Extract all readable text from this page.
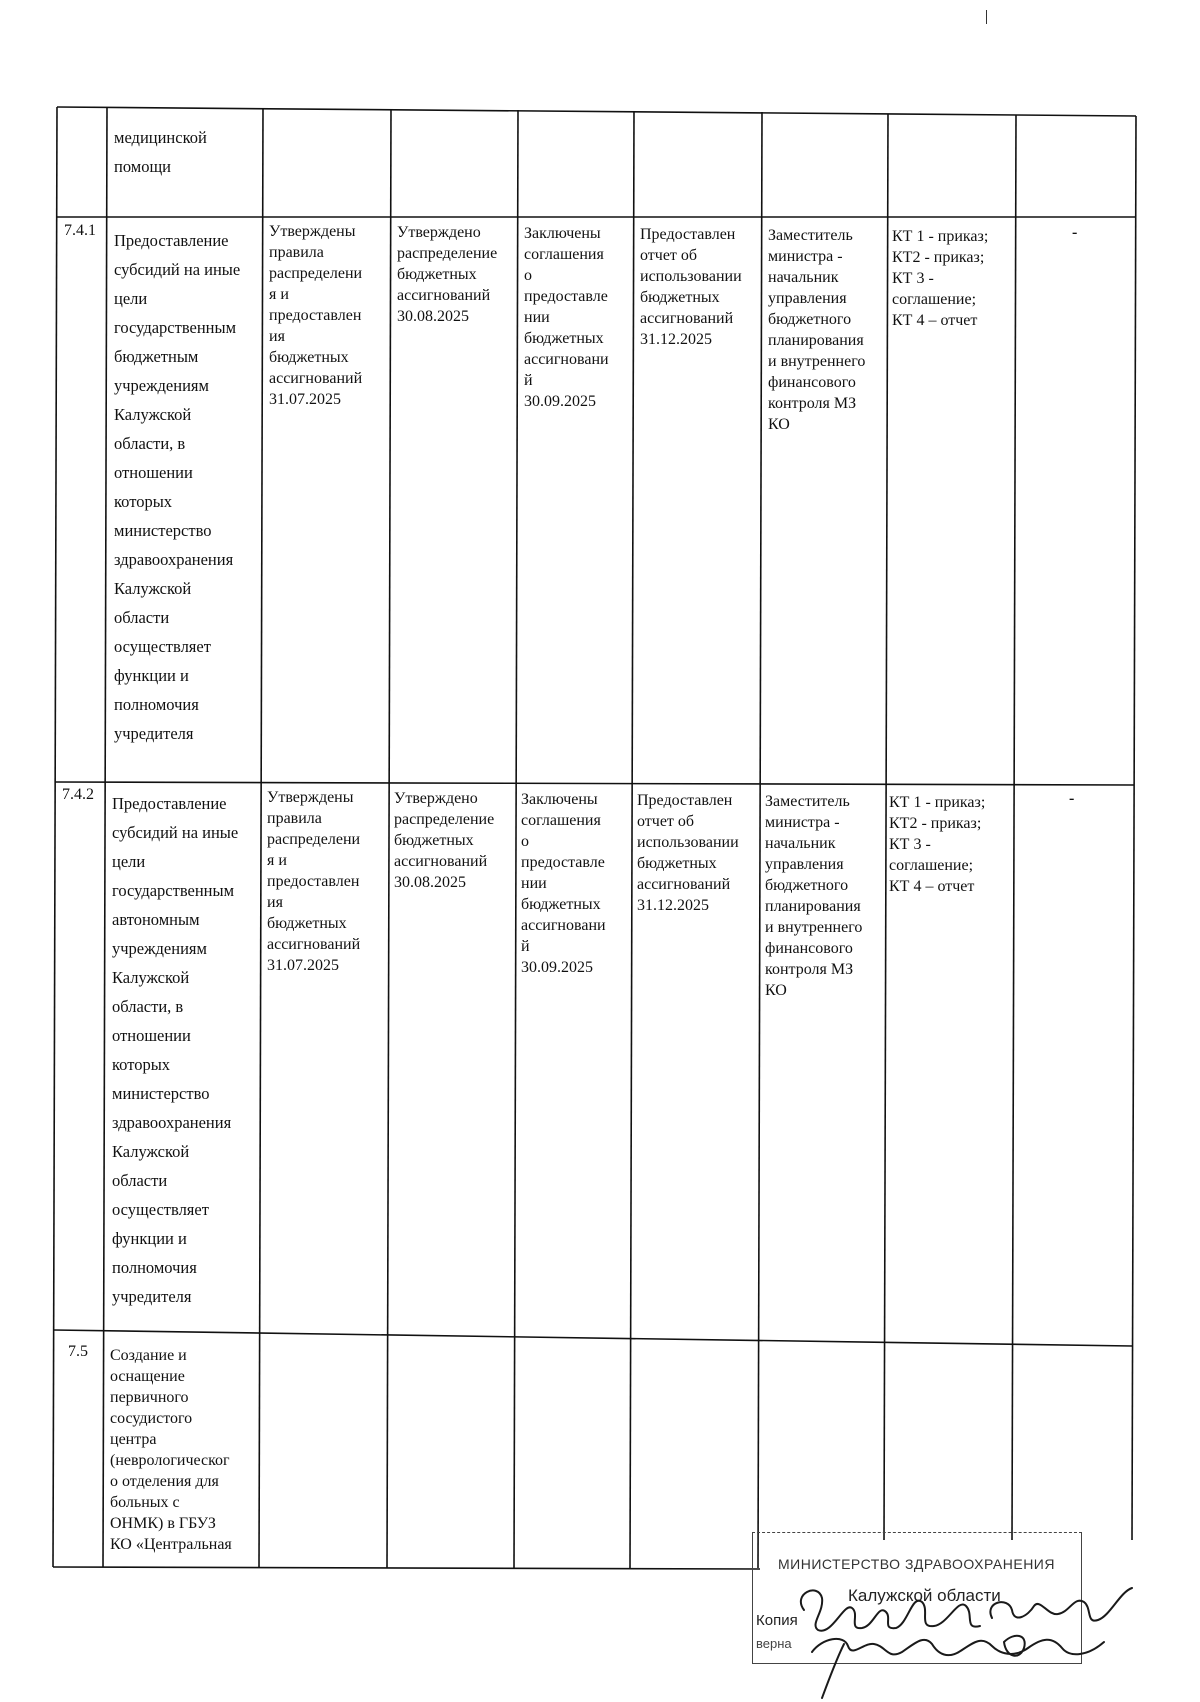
медицинской
помощи
7.4.1
Предоставление
субсидий на иные
цели
государственным
бюджетным
учреждениям
Калужской
области, в
отношении
которых
министерство
здравоохранения
Калужской
области
осуществляет
функции и
полномочия
учредителя
Утверждены
правила
распределени
я и
предоставлен
ия
бюджетных
ассигнований
31.07.2025
Утверждено
распределение
бюджетных
ассигнований
30.08.2025
Заключены
соглашения
о
предоставле
нии
бюджетных
ассигновани
й
30.09.2025
Предоставлен
отчет об
использовании
бюджетных
ассигнований
31.12.2025
Заместитель
министра -
начальник
управления
бюджетного
планирования
и внутреннего
финансового
контроля МЗ
КО
КТ 1 - приказ;
КТ2 - приказ;
КТ 3 -
соглашение;
КТ 4 – отчет
-
7.4.2 Предоставление
субсидий на иные
цели
государственным
автономным
учреждениям
Калужской
области, в
отношении
которых
министерство
здравоохранения
Калужской
области
осуществляет
функции и
полномочия
учредителя
Утверждены
правила
распределени
я и
предоставлен
ия
бюджетных
ассигнований
31.07.2025
Утверждено
распределение
бюджетных
ассигнований
30.08.2025
Заключены
соглашения
о
предоставле
нии
бюджетных
ассигновани
й
30.09.2025
Предоставлен
отчет об
использовании
бюджетных
ассигнований
31.12.2025
Заместитель
министра -
начальник
управления
бюджетного
планирования
и внутреннего
финансового
контроля МЗ
КО
КТ 1 - приказ;
КТ2 - приказ;
КТ 3 -
соглашение;
КТ 4 – отчет
-
7.5 Создание и
оснащение
первичного
сосудистого
центра
(неврологическог
о отделения для
больных с
ОНМК) в ГБУЗ
КО «Центральная
МИНИСТЕРСТВО ЗДРАВООХРАНЕНИЯ
Калужской области
Копия
верна
